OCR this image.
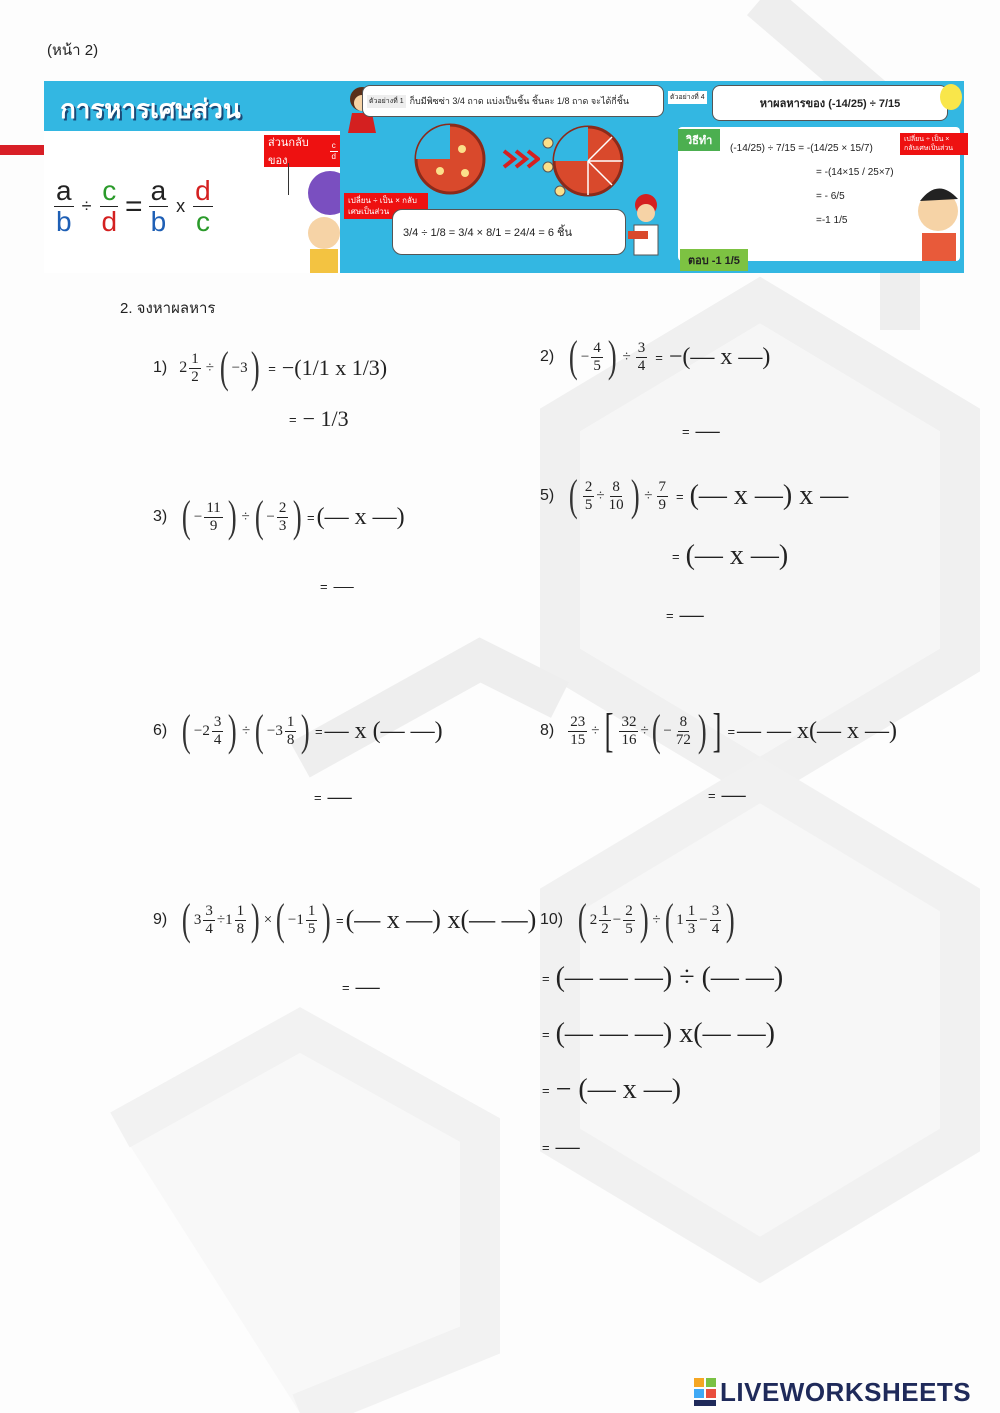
(หน้า 2)
การหารเศษส่วน
ส่วนกลับของ

c
d
$\frac{a}{b} \div \frac{c}{d} = \frac{a}{b}$ x d
c
ตัวอย่างที่ 1 ก็บมีพิซซ่า 3/4 ถาด แบ่งเป็นชิ้น ชิ้นละ 1/8 ถาด จะได้กี่ชิ้น
เปลี่ยน ÷ เป็น × กลับเศษเป็นส่วน
3/4 ÷ 1/8 = 3/4 × 8/1 = 24/4 = 6 ชิ้น
หาผลหารของ (-14/25) ÷ 7/15
ตัวอย่างที่ 4
วิธีทำ
(-14/25) ÷ 7/15 = -(14/25 × 15/7)
= -(14×15 / 25×7)
= - 6/5
=-1 1/5
เปลี่ยน ÷ เป็น × กลับเศษเป็นส่วน
ตอบ -1 1/5
2. จงหาผลหาร
1) $2 \frac{1}{2}$ ÷ ( −3 ) = −(1/1 x 1/3)
= − 1/3
2) ( −
4
5 ) ÷ $\frac{3}{4}$ = −(— x —)
= —
3) ( −
11
9 ) ÷ ( −
2
3 ) = (— x —)
= —
5) ( 2
5
÷
8
10 ) ÷ $\frac{7}{9}$ = (— x —) x —
= (— x —)
= —
6) ( −2
3
4 ) ÷ ( −3
1
8 ) = — x (— —)
= —
$8) \frac{23}{15}$ ÷ [ 32
16
÷ ( −
8
72 ) ] = — — x(— x —)
= —
9) ( 3
3
4
÷1
1
8 ) × ( −1
1
5 ) = (— x —) x(— —)
= —
10) ( 2
1
2
−
2
5 ) ÷ ( 1
1
3
−
3
4 )
= (— — —) ÷ (— —)
= (— — —) x(— —)
= − (— x —)
= —
LIVEWORKSHEETS
